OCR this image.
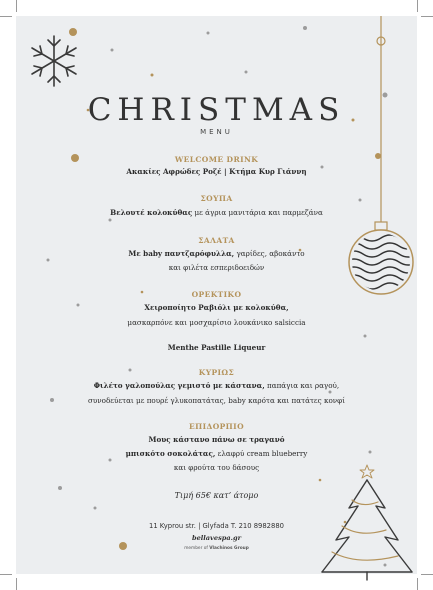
CHRISTMAS
MENU
WELCOME DRINK
Ακακίες Αφρώδες Ροζέ | Κτήμα Κυρ Γιάννη
ΣΟΥΠΑ
Βελουτέ κολοκύθας με άγρια μανιτάρια και παρμεζάνα
ΣΑΛΑΤΑ
Με baby παντζαρόφυλλα, γαρίδες, αβοκάντο
και φιλέτα εσπεριδοειδών
ΟΡΕΚΤΙΚΟ
Χειροποίητο Ραβιόλι με κολοκύθα,
μασκαρπόνε και μοσχαρίσιο λουκάνικο salsiccia
Menthe Pastille Liqueur
ΚΥΡΙΩΣ
Φιλέτο γαλοπούλας γεμιστό με κάστανα, παπάγια και ραγού,
συνοδεύεται με πουρέ γλυκοπατάτας, baby καρότα και πατάτες κονφί
ΕΠΙΔΟΡΠΙΟ
Μους κάστανο πάνω σε τραγανό
μπισκότο σοκολάτας, ελαφρύ cream blueberry
και φρούτα του δάσους
Τιμή 65€ κατ’ άτομο
11 Kyprou str. | Glyfada T. 210 8982880
bellavespa.gr
member of Vlachinos Group
